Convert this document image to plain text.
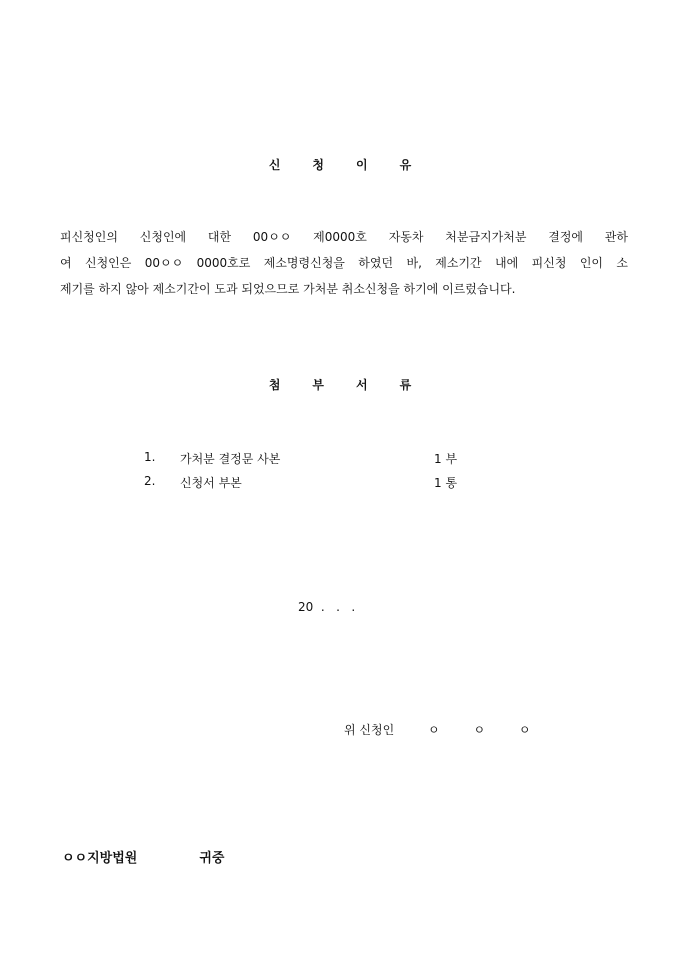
신	청	이	유
피신청인의 신청인에 대한 00ㅇㅇ 제0000호 자동차 처분금지가처분 결정에 관하
여 신청인은 00ㅇㅇ 0000호로 제소명령신청을 하였던 바, 제소기간 내에 피신청 인이 소
제기를 하지 않아 제소기간이 도과 되었으므로 가처분 취소신청을 하기에 이르렀습니다.
첨	부	서	류
1. 가처분 결정문 사본	1 부
2. 신청서 부본	1 통
20  .   .   .
위 신청인	ㅇ	ㅇ	ㅇ
ㅇㅇ지방법원	귀중
